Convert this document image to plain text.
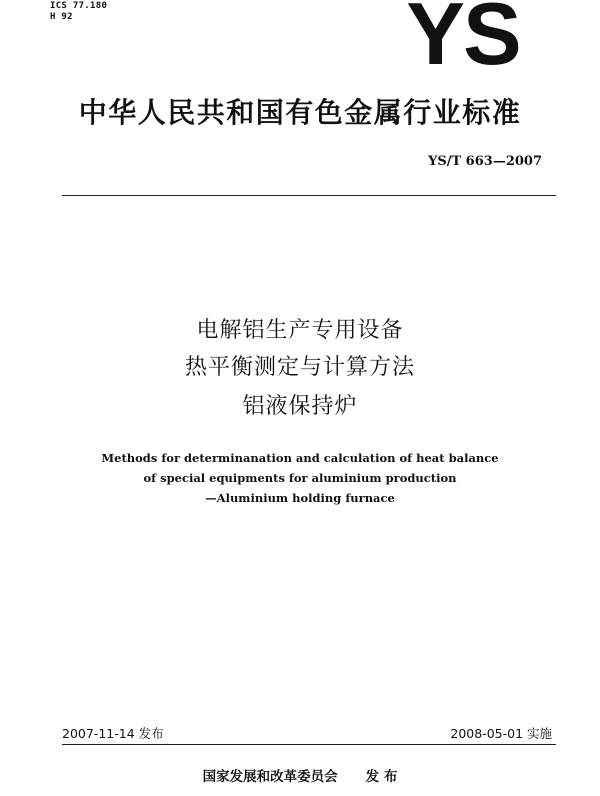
ICS 77.180
H 92	YS
中华人民共和国有色金属行业标准
YS/T 663—2007
电解铝生产专用设备
热平衡测定与计算方法
铝液保持炉
Methods for determinanation and calculation of heat balance
of special equipments for aluminium production
—Aluminium holding furnace
2007-11-14 发布	2008-05-01 实施
国家发展和改革委员会 发 布
